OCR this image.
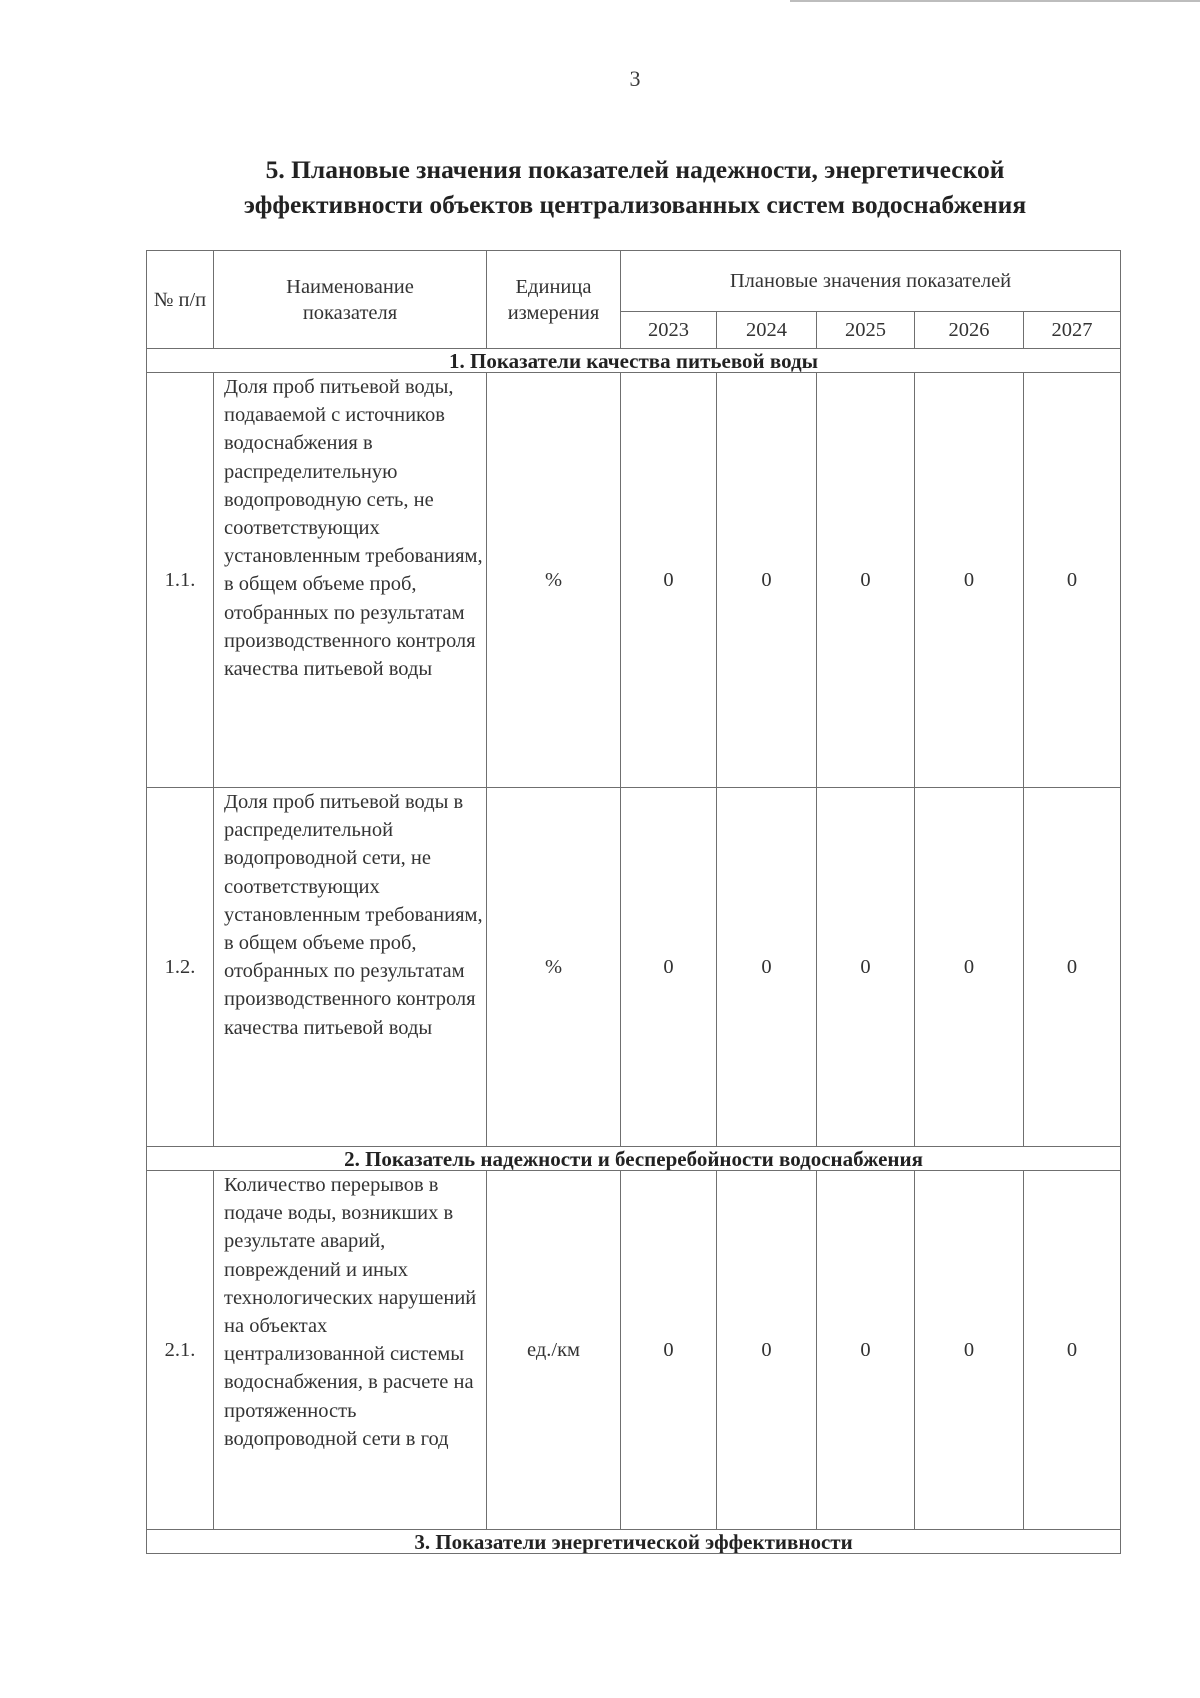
3
5. Плановые значения показателей надежности, энергетической
эффективности объектов централизованных систем водоснабжения
№ п/п	Наименование показателя	Единица измерения	Плановые значения показателей				
			2023	2024	2025	2026	2027
1. Показатели качества питьевой воды							
1.1.	Доля проб питьевой воды, подаваемой с источников водоснабжения в распределительную водопроводную сеть, не соответствующих установленным требованиям, в общем объеме проб, отобранных по результатам производственного контроля качества питьевой воды	%	0	0	0	0	0
1.2.	Доля проб питьевой воды в распределительной водопроводной сети, не соответствующих установленным требованиям, в общем объеме проб, отобранных по результатам производственного контроля качества питьевой воды	%	0	0	0	0	0
2. Показатель надежности и бесперебойности водоснабжения							
2.1.	Количество перерывов в подаче воды, возникших в результате аварий, повреждений и иных технологических нарушений на объектах централизованной системы водоснабжения, в расчете на протяженность водопроводной сети в год	ед./км	0	0	0	0	0
3. Показатели энергетической эффективности							
